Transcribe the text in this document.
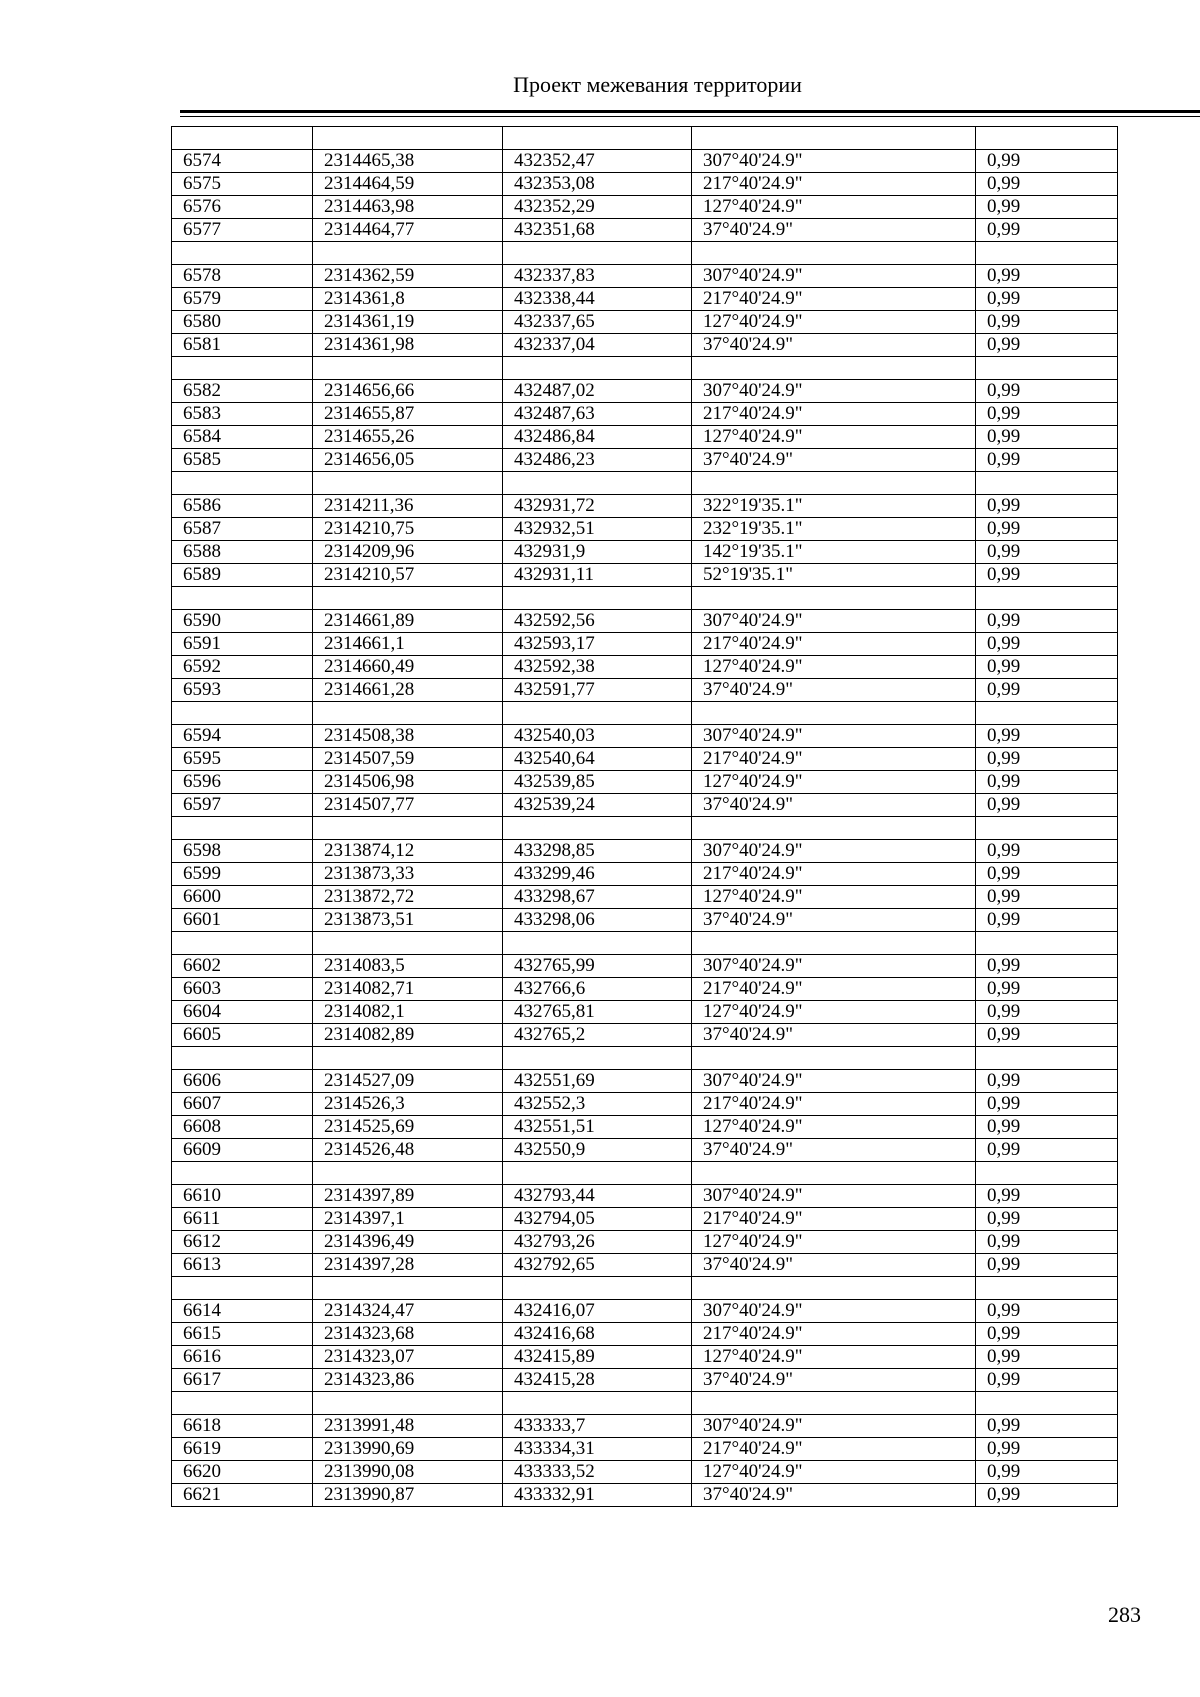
Проект межевания территории

6574	2314465,38	432352,47	307°40'24.9"	0,99
6575	2314464,59	432353,08	217°40'24.9"	0,99
6576	2314463,98	432352,29	127°40'24.9"	0,99
6577	2314464,77	432351,68	37°40'24.9"	0,99

6578	2314362,59	432337,83	307°40'24.9"	0,99
6579	2314361,8	432338,44	217°40'24.9"	0,99
6580	2314361,19	432337,65	127°40'24.9"	0,99
6581	2314361,98	432337,04	37°40'24.9"	0,99

6582	2314656,66	432487,02	307°40'24.9"	0,99
6583	2314655,87	432487,63	217°40'24.9"	0,99
6584	2314655,26	432486,84	127°40'24.9"	0,99
6585	2314656,05	432486,23	37°40'24.9"	0,99

6586	2314211,36	432931,72	322°19'35.1"	0,99
6587	2314210,75	432932,51	232°19'35.1"	0,99
6588	2314209,96	432931,9	142°19'35.1"	0,99
6589	2314210,57	432931,11	52°19'35.1"	0,99

6590	2314661,89	432592,56	307°40'24.9"	0,99
6591	2314661,1	432593,17	217°40'24.9"	0,99
6592	2314660,49	432592,38	127°40'24.9"	0,99
6593	2314661,28	432591,77	37°40'24.9"	0,99

6594	2314508,38	432540,03	307°40'24.9"	0,99
6595	2314507,59	432540,64	217°40'24.9"	0,99
6596	2314506,98	432539,85	127°40'24.9"	0,99
6597	2314507,77	432539,24	37°40'24.9"	0,99

6598	2313874,12	433298,85	307°40'24.9"	0,99
6599	2313873,33	433299,46	217°40'24.9"	0,99
6600	2313872,72	433298,67	127°40'24.9"	0,99
6601	2313873,51	433298,06	37°40'24.9"	0,99

6602	2314083,5	432765,99	307°40'24.9"	0,99
6603	2314082,71	432766,6	217°40'24.9"	0,99
6604	2314082,1	432765,81	127°40'24.9"	0,99
6605	2314082,89	432765,2	37°40'24.9"	0,99

6606	2314527,09	432551,69	307°40'24.9"	0,99
6607	2314526,3	432552,3	217°40'24.9"	0,99
6608	2314525,69	432551,51	127°40'24.9"	0,99
6609	2314526,48	432550,9	37°40'24.9"	0,99

6610	2314397,89	432793,44	307°40'24.9"	0,99
6611	2314397,1	432794,05	217°40'24.9"	0,99
6612	2314396,49	432793,26	127°40'24.9"	0,99
6613	2314397,28	432792,65	37°40'24.9"	0,99

6614	2314324,47	432416,07	307°40'24.9"	0,99
6615	2314323,68	432416,68	217°40'24.9"	0,99
6616	2314323,07	432415,89	127°40'24.9"	0,99
6617	2314323,86	432415,28	37°40'24.9"	0,99

6618	2313991,48	433333,7	307°40'24.9"	0,99
6619	2313990,69	433334,31	217°40'24.9"	0,99
6620	2313990,08	433333,52	127°40'24.9"	0,99
6621	2313990,87	433332,91	37°40'24.9"	0,99
283
